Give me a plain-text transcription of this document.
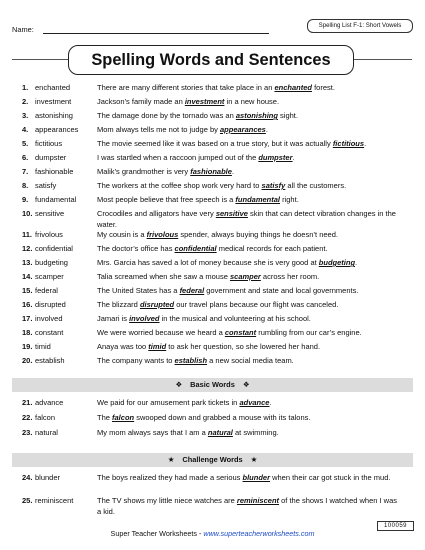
Name:	Spelling List F-1: Short Vowels
Spelling Words and Sentences
1. enchanted	There are many different stories that take place in an enchanted forest.
2. investment	Jackson’s family made an investment in a new house.
3. astonishing	The damage done by the tornado was an astonishing sight.
4. appearances Mom always tells me not to judge by appearances.
5. fictitious	The movie seemed like it was based on a true story, but it was actually fictitious.
6. dumpster	I was startled when a raccoon jumped out of the dumpster.
7. fashionable	Malik’s grandmother is very fashionable.
8. satisfy	The workers at the coffee shop work very hard to satisfy all the customers.
9. fundamental	Most people believe that free speech is a fundamental right.
10. sensitive	Crocodiles and alligators have very sensitive skin that can detect vibration changes in the water.
11. frivolous	My cousin is a frivolous spender, always buying things he doesn’t need.
12. confidential	The doctor’s office has confidential medical records for each patient.
13. budgeting	Mrs. Garcia has saved a lot of money because she is very good at budgeting.
14. scamper	Talia screamed when she saw a mouse scamper across her room.
15. federal	The United States has a federal government and state and local governments.
16. disrupted	The blizzard disrupted our travel plans because our flight was canceled.
17. involved	Jamari is involved in the musical and volunteering at his school.
18. constant	We were worried because we heard a constant rumbling from our car’s engine.
19. timid	Anaya was too timid to ask her question, so she lowered her hand.
20. establish	The company wants to establish a new social media team.
❖ Basic Words ❖
21. advance	We paid for our amusement park tickets in advance.
22. falcon	The falcon swooped down and grabbed a mouse with its talons.
23. natural	My mom always says that I am a natural at swimming.
★ Challenge Words ★
24. blunder	The boys realized they had made a serious blunder when their car got stuck in the mud.
25. reminiscent	The TV shows my little niece watches are reminiscent of the shows I watched when I was a kid.
Super Teacher Worksheets - www.superteacherworksheets.com
100059
